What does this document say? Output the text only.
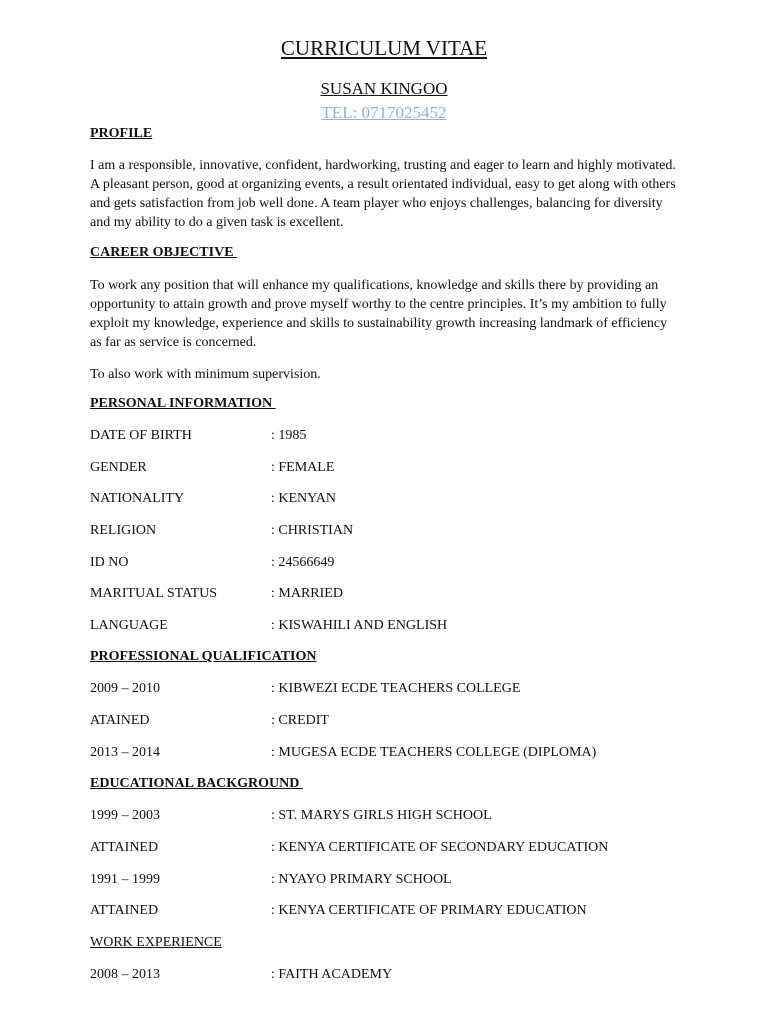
CURRICULUM VITAE
SUSAN KINGOO
TEL: 0717025452
PROFILE
I am a responsible, innovative, confident, hardworking, trusting and eager to learn and highly motivated. A pleasant person, good at organizing events, a result orientated individual, easy to get along with others and gets satisfaction from job well done. A team player who enjoys challenges, balancing for diversity and my ability to do a given task is excellent.
CAREER OBJECTIVE
To work any position that will enhance my qualifications, knowledge and skills there by providing an opportunity to attain growth and prove myself worthy to the centre principles. It’s my ambition to fully exploit my knowledge, experience and skills to sustainability growth increasing landmark of efficiency as far as service is concerned.
To also work with minimum supervision.
PERSONAL INFORMATION
DATE OF BIRTH	: 1985
GENDER	: FEMALE
NATIONALITY	: KENYAN
RELIGION	: CHRISTIAN
ID NO	: 24566649
MARITUAL STATUS	: MARRIED
LANGUAGE	: KISWAHILI AND ENGLISH
PROFESSIONAL QUALIFICATION
2009 – 2010	: KIBWEZI ECDE TEACHERS COLLEGE
ATAINED	: CREDIT
2013 – 2014	: MUGESA ECDE TEACHERS COLLEGE (DIPLOMA)
EDUCATIONAL BACKGROUND
1999 – 2003	: ST. MARYS GIRLS HIGH SCHOOL
ATTAINED	: KENYA CERTIFICATE OF SECONDARY EDUCATION
1991 – 1999	: NYAYO PRIMARY SCHOOL
ATTAINED	: KENYA CERTIFICATE OF PRIMARY EDUCATION
WORK EXPERIENCE
2008 – 2013	: FAITH ACADEMY
